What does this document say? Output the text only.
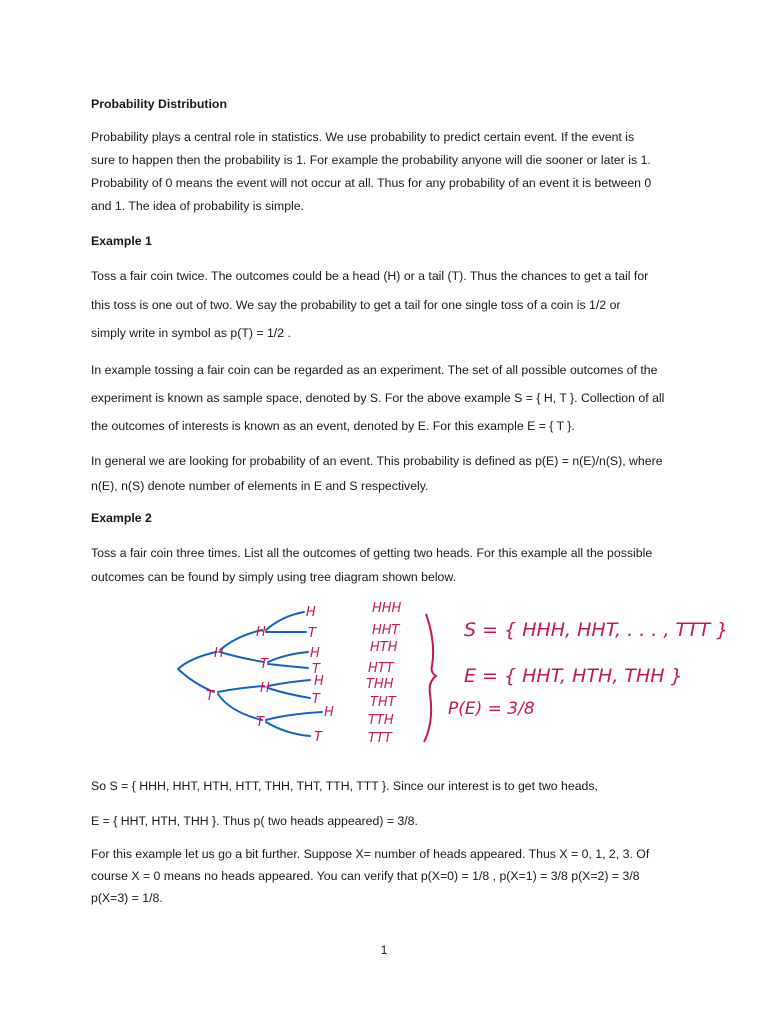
Probability Distribution

Probability plays a central role in statistics. We use probability to predict certain event. If the event is
sure to happen then the probability is 1. For example the probability anyone will die sooner or later is 1.
Probability of 0 means the event will not occur at all. Thus for any probability of an event it is between 0
and 1. The idea of probability is simple.

Example 1

Toss a fair coin twice. The outcomes could be a head (H) or a tail (T). Thus the chances to get a tail for
this toss is one out of two. We say the probability to get a tail for one single toss of a coin is 1/2 or
simply write in symbol as p(T) = 1/2 .
In example tossing a fair coin can be regarded as an experiment. The set of all possible outcomes of the
experiment is known as sample space, denoted by S. For the above example S = { H, T }. Collection of all
the outcomes of interests is known as an event, denoted by E. For this example E = { T }.
In general we are looking for probability of an event. This probability is defined as p(E) = n(E)/n(S), where
n(E), n(S) denote number of elements in E and S respectively.

Example 2

Toss a fair coin three times. List all the outcomes of getting two heads. For this example all the possible
outcomes can be found by simply using tree diagram shown below.
H
T
H
T
H
T
H
T
H
T
H
T
H
T
HHH
HHT
HTH
HTT
THH
THT
TTH
TTT
S = { HHH, HHT, . . . , TTT }
E = { HHT, HTH, THH }
P(E) = 3/8

So S = { HHH, HHT, HTH, HTT, THH, THT, TTH, TTT }. Since our interest is to get two heads,

E = { HHT, HTH, THH }. Thus p( two heads appeared) = 3/8.

For this example let us go a bit further. Suppose X= number of heads appeared. Thus X = 0, 1, 2, 3. Of
course X = 0 means no heads appeared. You can verify that p(X=0) = 1/8 , p(X=1) = 3/8 p(X=2) = 3/8
p(X=3) = 1/8.
1
